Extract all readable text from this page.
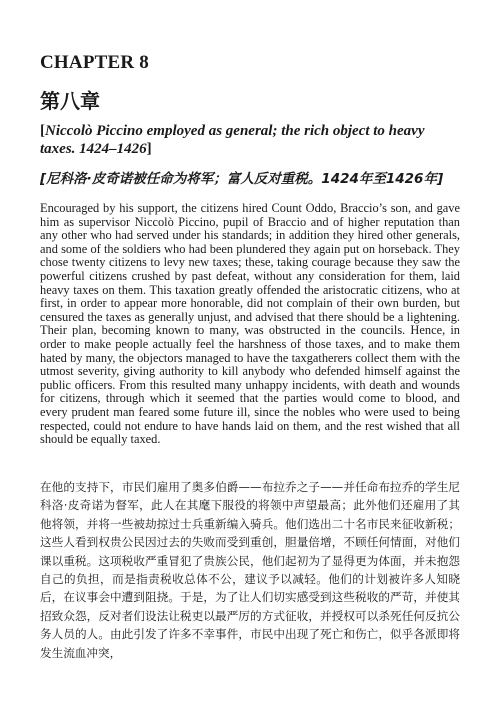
CHAPTER 8
第八章

[Niccolò Piccino employed as general; the rich object to heavy taxes. 1424–1426]

[尼科洛·皮奇诺被任命为将军；富人反对重税。1424年至1426年]

Encouraged by his support, the citizens hired Count Oddo, Braccio’s son, and gave him as supervisor Niccolò Piccino, pupil of Braccio and of higher reputation than any other who had served under his standards; in addition they hired other generals, and some of the soldiers who had been plundered they again put on horseback. They chose twenty citizens to levy new taxes; these, taking courage because they saw the powerful citizens crushed by past defeat, without any consideration for them, laid heavy taxes on them. This taxation greatly offended the aristocratic citizens, who at first, in order to appear more honorable, did not complain of their own burden, but censured the taxes as generally unjust, and advised that there should be a lightening. Their plan, becoming known to many, was obstructed in the councils. Hence, in order to make people actually feel the harshness of those taxes, and to make them hated by many, the objectors managed to have the taxgatherers collect them with the utmost severity, giving authority to kill anybody who defended himself against the public officers. From this resulted many unhappy incidents, with death and wounds for citizens, through which it seemed that the parties would come to blood, and every prudent man feared some future ill, since the nobles who were used to being respected, could not endure to have hands laid on them, and the rest wished that all should be equally taxed.

在他的支持下，市民们雇用了奥多伯爵——布拉乔之子——并任命布拉乔的学生尼科洛·皮奇诺为督军，此人在其麾下服役的将领中声望最高；此外他们还雇用了其他将领，并将一些被劫掠过士兵重新编入骑兵。他们选出二十名市民来征收新税；这些人看到权贵公民因过去的失败而受到重创，胆量倍增，不顾任何情面，对他们课以重税。这项税收严重冒犯了贵族公民，他们起初为了显得更为体面，并未抱怨自己的负担，而是指责税收总体不公，建议予以减轻。他们的计划被许多人知晓后，在议事会中遭到阻挠。于是，为了让人们切实感受到这些税收的严苛，并使其招致众怨，反对者们设法让税吏以最严厉的方式征收，并授权可以杀死任何反抗公务人员的人。由此引发了许多不幸事件，市民中出现了死亡和伤亡，似乎各派即将发生流血冲突，
